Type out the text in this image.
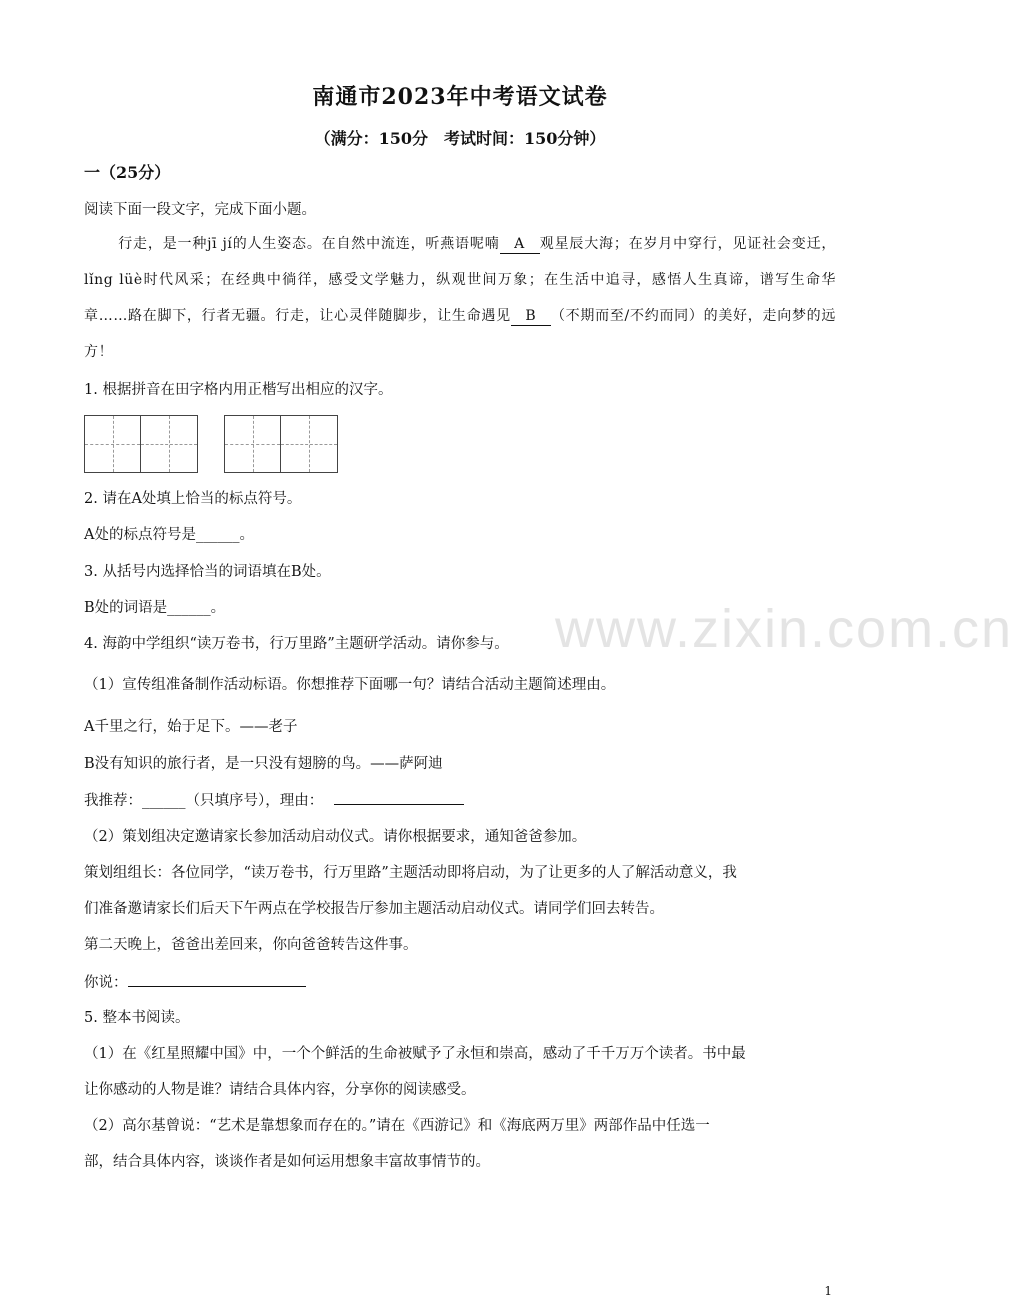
南通市2023年中考语文试卷
（满分：150分　考试时间：150分钟）
一（25分）
阅读下面一段文字，完成下面小题。
行走，是一种jī jí的人生姿态。在自然中流连，听燕语呢喃 A 观星辰大海；在岁月中穿行，见证社会变迁，lǐng lüè时代风采；在经典中徜徉，感受文学魅力，纵观世间万象；在生活中追寻，感悟人生真谛，谱写生命华章……路在脚下，行者无疆。行走，让心灵伴随脚步，让生命遇见 B （不期而至/不约而同）的美好，走向梦的远方！
1. 根据拼音在田字格内用正楷写出相应的汉字。
2. 请在A处填上恰当的标点符号。
A处的标点符号是______。
3. 从括号内选择恰当的词语填在B处。
B处的词语是______。
4. 海韵中学组织“读万卷书，行万里路”主题研学活动。请你参与。
（1）宣传组准备制作活动标语。你想推荐下面哪一句？请结合活动主题简述理由。
A千里之行，始于足下。——老子
B没有知识的旅行者，是一只没有翅膀的鸟。——萨阿迪
我推荐：______（只填序号），理由：
（2）策划组决定邀请家长参加活动启动仪式。请你根据要求，通知爸爸参加。
策划组组长：各位同学，“读万卷书，行万里路”主题活动即将启动，为了让更多的人了解活动意义，我
们准备邀请家长们后天下午两点在学校报告厅参加主题活动启动仪式。请同学们回去转告。
第二天晚上，爸爸出差回来，你向爸爸转告这件事。
你说：
5. 整本书阅读。
（1）在《红星照耀中国》中，一个个鲜活的生命被赋予了永恒和崇高，感动了千千万万个读者。书中最
让你感动的人物是谁？请结合具体内容，分享你的阅读感受。
（2）高尔基曾说：“艺术是靠想象而存在的。”请在《西游记》和《海底两万里》两部作品中任选一
部，结合具体内容，谈谈作者是如何运用想象丰富故事情节的。
www.zixin.com.cn
1
